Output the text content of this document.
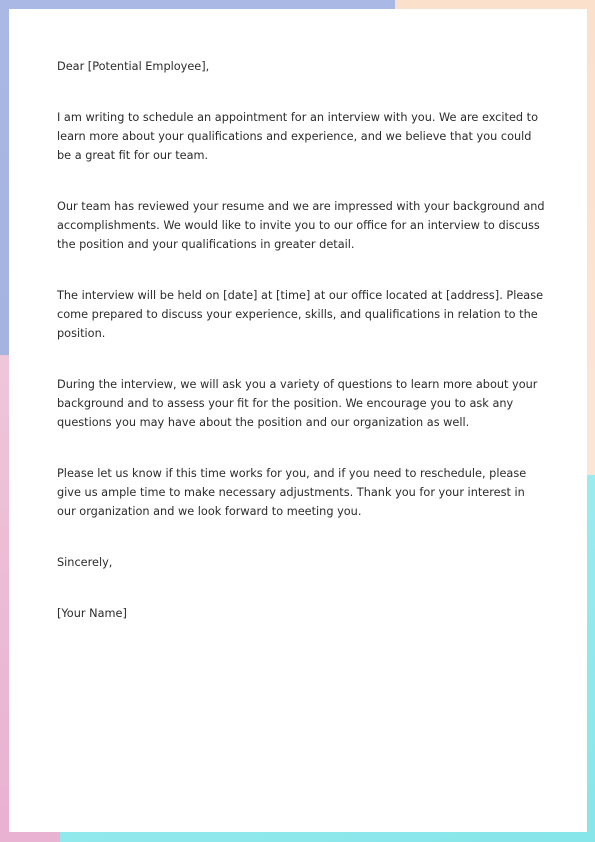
Dear [Potential Employee],

I am writing to schedule an appointment for an interview with you. We are excited to learn more about your qualifications and experience, and we believe that you could be a great fit for our team.

Our team has reviewed your resume and we are impressed with your background and accomplishments. We would like to invite you to our office for an interview to discuss the position and your qualifications in greater detail.

The interview will be held on [date] at [time] at our office located at [address]. Please come prepared to discuss your experience, skills, and qualifications in relation to the position.

During the interview, we will ask you a variety of questions to learn more about your background and to assess your fit for the position. We encourage you to ask any questions you may have about the position and our organization as well.

Please let us know if this time works for you, and if you need to reschedule, please give us ample time to make necessary adjustments. Thank you for your interest in our organization and we look forward to meeting you.

Sincerely,

[Your Name]
